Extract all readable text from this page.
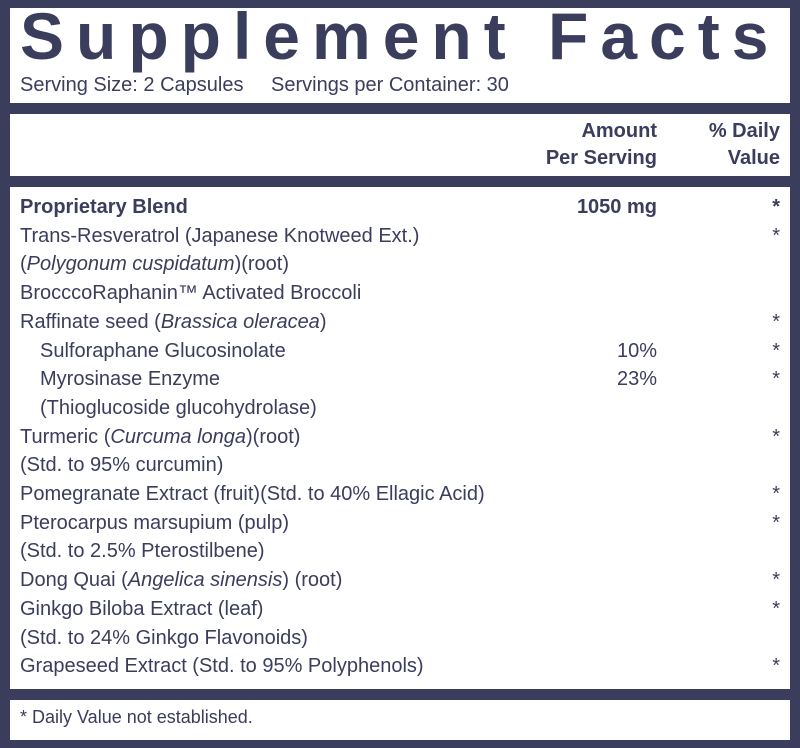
Supplement Facts
Serving Size: 2 Capsules Servings per Container: 30
Amount
Per Serving
% Daily
Value
Proprietary Blend	1050 mg	*
Trans-Resveratrol (Japanese Knotweed Ext.)	*
(Polygonum cuspidatum)(root)
BrocccoRaphanin™ Activated Broccoli
Raffinate seed (Brassica oleracea)	*
Sulforaphane Glucosinolate	10%	*
Myrosinase Enzyme	23%	*
(Thioglucoside glucohydrolase)
Turmeric (Curcuma longa)(root)	*
(Std. to 95% curcumin)
Pomegranate Extract (fruit)(Std. to 40% Ellagic Acid)	*
Pterocarpus marsupium (pulp)	*
(Std. to 2.5% Pterostilbene)
Dong Quai (Angelica sinensis) (root)	*
Ginkgo Biloba Extract (leaf)	*
(Std. to 24% Ginkgo Flavonoids)
Grapeseed Extract (Std. to 95% Polyphenols)	*
* Daily Value not established.
